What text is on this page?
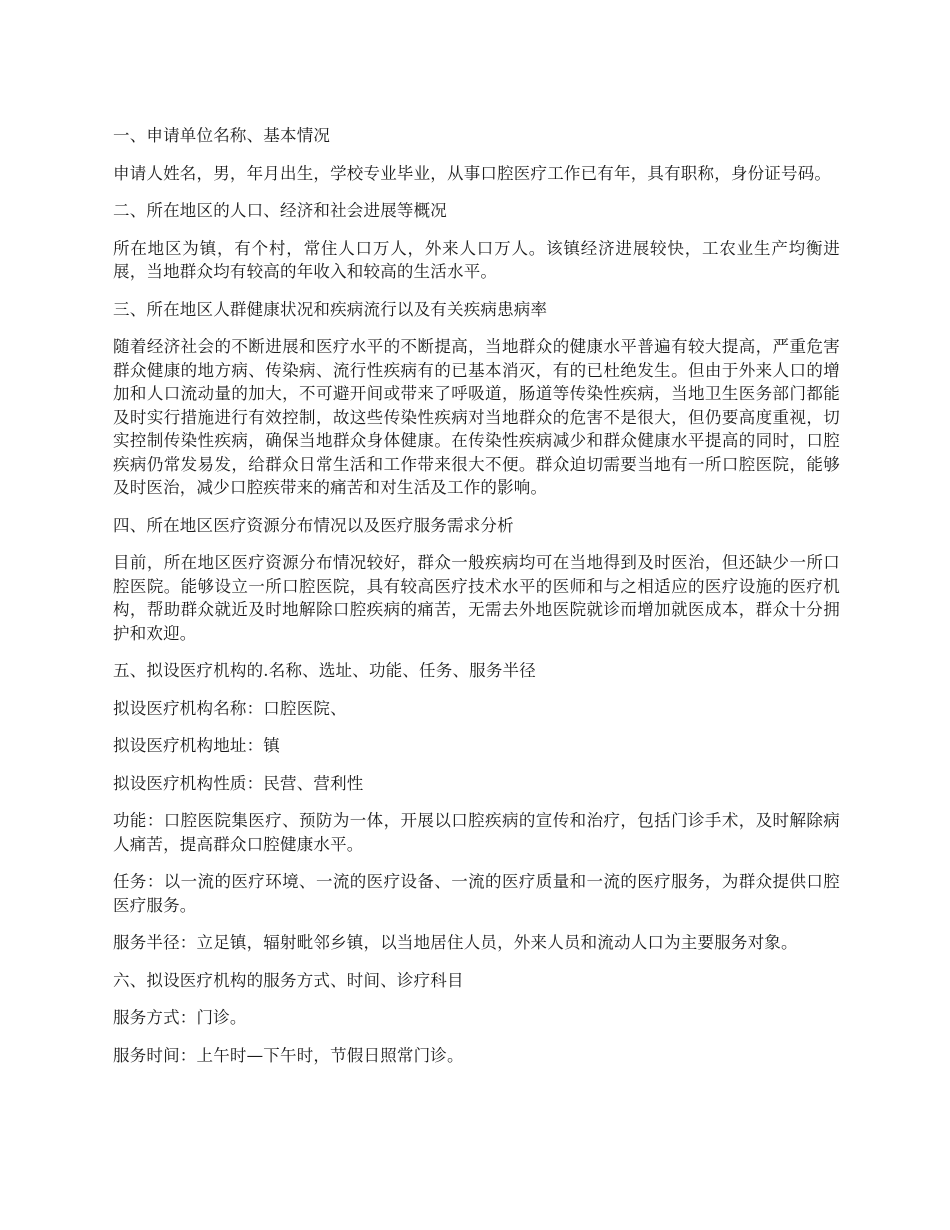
一、申请单位名称、基本情况

申请人姓名，男，年月出生，学校专业毕业，从事口腔医疗工作已有年，具有职称，身份证号码。

二、所在地区的人口、经济和社会进展等概况

所在地区为镇，有个村，常住人口万人，外来人口万人。该镇经济进展较快，工农业生产均衡进展，当地群众均有较高的年收入和较高的生活水平。

三、所在地区人群健康状况和疾病流行以及有关疾病患病率

随着经济社会的不断进展和医疗水平的不断提高，当地群众的健康水平普遍有较大提高，严重危害群众健康的地方病、传染病、流行性疾病有的已基本消灭，有的已杜绝发生。但由于外来人口的增加和人口流动量的加大，不可避开间或带来了呼吸道，肠道等传染性疾病，当地卫生医务部门都能及时实行措施进行有效控制，故这些传染性疾病对当地群众的危害不是很大，但仍要高度重视，切实控制传染性疾病，确保当地群众身体健康。在传染性疾病减少和群众健康水平提高的同时，口腔疾病仍常发易发，给群众日常生活和工作带来很大不便。群众迫切需要当地有一所口腔医院，能够及时医治，减少口腔疾带来的痛苦和对生活及工作的影响。

四、所在地区医疗资源分布情况以及医疗服务需求分析

目前，所在地区医疗资源分布情况较好，群众一般疾病均可在当地得到及时医治，但还缺少一所口腔医院。能够设立一所口腔医院，具有较高医疗技术水平的医师和与之相适应的医疗设施的医疗机构，帮助群众就近及时地解除口腔疾病的痛苦，无需去外地医院就诊而增加就医成本，群众十分拥护和欢迎。

五、拟设医疗机构的.名称、选址、功能、任务、服务半径

拟设医疗机构名称：口腔医院、

拟设医疗机构地址：镇

拟设医疗机构性质：民营、营利性

功能：口腔医院集医疗、预防为一体，开展以口腔疾病的宣传和治疗，包括门诊手术，及时解除病人痛苦，提高群众口腔健康水平。

任务：以一流的医疗环境、一流的医疗设备、一流的医疗质量和一流的医疗服务，为群众提供口腔医疗服务。

服务半径：立足镇，辐射毗邻乡镇，以当地居住人员，外来人员和流动人口为主要服务对象。

六、拟设医疗机构的服务方式、时间、诊疗科目

服务方式：门诊。

服务时间：上午时—下午时，节假日照常门诊。
